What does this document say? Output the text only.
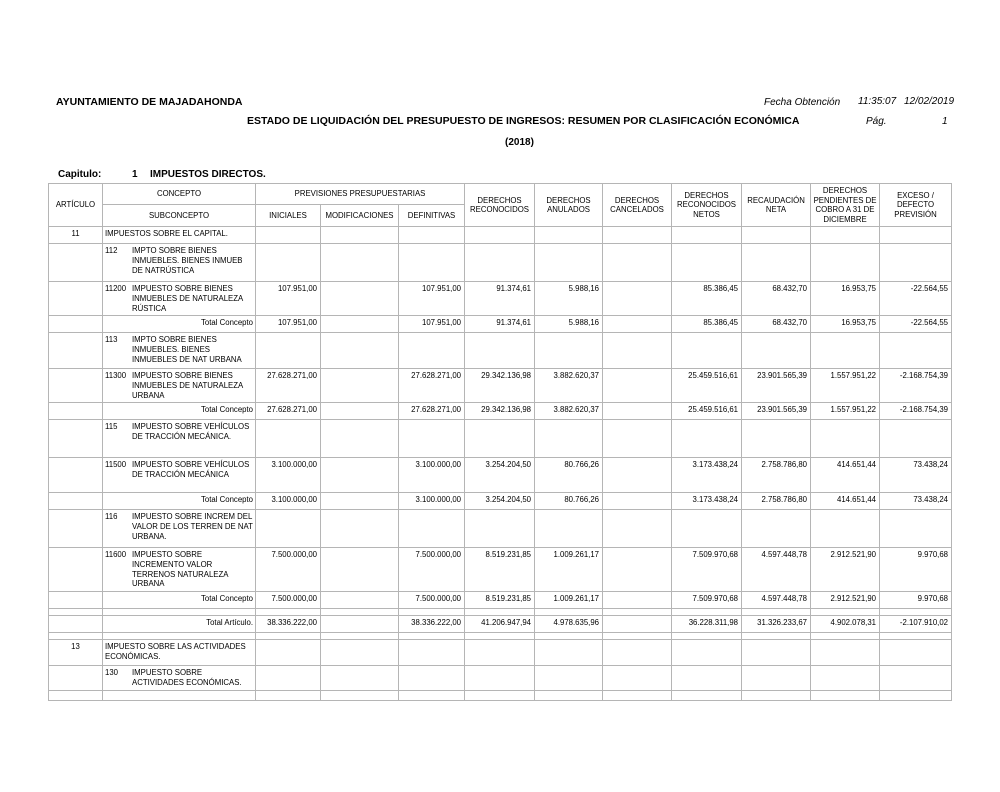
AYUNTAMIENTO DE MAJADAHONDA	Fecha Obtención 11:35:07 12/02/2019
ESTADO DE LIQUIDACIÓN DEL PRESUPUESTO DE INGRESOS: RESUMEN POR CLASIFICACIÓN ECONÓMICA	Pág.	1
(2018)
Capitulo:	1 IMPUESTOS DIRECTOS.
ARTÍCULO	CONCEPTO	PREVISIONES PRESUPUESTARIAS			DERECHOS RECONOCIDOS	DERECHOS ANULADOS	DERECHOS CANCELADOS	DERECHOS RECONOCIDOS NETOS	RECAUDACIÓN NETA	DERECHOS PENDIENTES DE COBRO A 31 DE DICIEMBRE	EXCESO / DEFECTO PREVISIÓN
	SUBCONCEPTO	INICIALES	MODIFICACIONES	DEFINITIVAS							
11	IMPUESTOS SOBRE EL CAPITAL.										

	112 IMPTO SOBRE BIENES INMUEBLES. BIENES INMUEB DE NATRÚSTICA										

	11200 IMPUESTO SOBRE BIENES INMUEBLES DE NATURALEZA RÚSTICA	107.951,00		107.951,00	91.374,61	5.988,16		85.386,45	68.432,70	16.953,75	-22.564,55
	Total Concepto	107.951,00		107.951,00	91.374,61	5.988,16		85.386,45	68.432,70	16.953,75	-22.564,55

	113 IMPTO SOBRE BIENES INMUEBLES. BIENES INMUEBLES DE NAT URBANA										

	11300 IMPUESTO SOBRE BIENES INMUEBLES DE NATURALEZA URBANA	27.628.271,00		27.628.271,00	29.342.136,98	3.882.620,37		25.459.516,61	23.901.565,39	1.557.951,22	-2.168.754,39
	Total Concepto	27.628.271,00		27.628.271,00	29.342.136,98	3.882.620,37		25.459.516,61	23.901.565,39	1.557.951,22	-2.168.754,39

	115 IMPUESTO SOBRE VEHÍCULOS DE TRACCIÓN MECÁNICA.										

	11500 IMPUESTO SOBRE VEHÍCULOS DE TRACCIÓN MECÁNICA	3.100.000,00		3.100.000,00	3.254.204,50	80.766,26		3.173.438,24	2.758.786,80	414.651,44	73.438,24
	Total Concepto	3.100.000,00		3.100.000,00	3.254.204,50	80.766,26		3.173.438,24	2.758.786,80	414.651,44	73.438,24

	116 IMPUESTO SOBRE INCREM DEL VALOR DE LOS TERREN DE NAT URBANA.										

	11600 IMPUESTO SOBRE INCREMENTO VALOR TERRENOS NATURALEZA URBANA	7.500.000,00		7.500.000,00	8.519.231,85	1.009.261,17		7.509.970,68	4.597.448,78	2.912.521,90	9.970,68
	Total Concepto	7.500.000,00		7.500.000,00	8.519.231,85	1.009.261,17		7.509.970,68	4.597.448,78	2.912.521,90	9.970,68

	Total Artículo.	38.336.222,00		38.336.222,00	41.206.947,94	4.978.635,96		36.228.311,98	31.326.233,67	4.902.078,31	-2.107.910,02

13	IMPUESTO SOBRE LAS ACTIVIDADES ECONÓMICAS.										

	130 IMPUESTO SOBRE ACTIVIDADES ECONÓMICAS.										
